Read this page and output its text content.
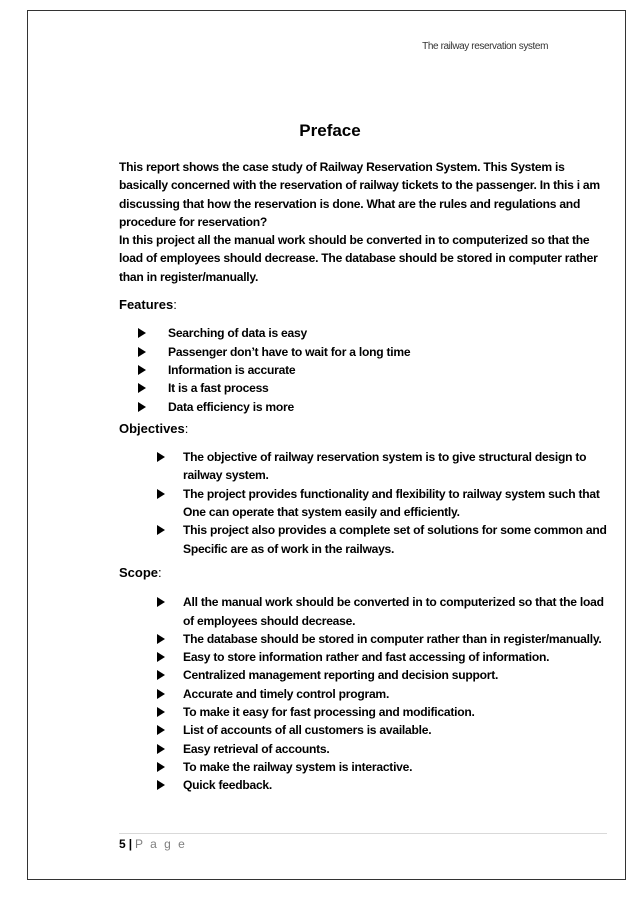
The railway reservation system
Preface

This report shows the case study of Railway Reservation System. This System is basically concerned with the reservation of railway tickets to the passenger. In this i am discussing that how the reservation is done. What are the rules and regulations and procedure for reservation?

In this project all the manual work should be converted in to computerized so that the load of employees should decrease. The database should be stored in computer rather than in register/manually.

Features:

Searching of data is easy
Passenger don’t have to wait for a long time
Information is accurate
It is a fast process
Data efficiency is more

Objectives:

The objective of railway reservation system is to give structural design to railway system.
The project provides functionality and flexibility to railway system such that One can operate that system easily and efficiently.
This project also provides a complete set of solutions for some common and Specific are as of work in the railways.

Scope:

All the manual work should be converted in to computerized so that the load of employees should decrease.
The database should be stored in computer rather than in register/manually.
Easy to store information rather and fast accessing of information.
Centralized management reporting and decision support.
Accurate and timely control program.
To make it easy for fast processing and modification.
List of accounts of all customers is available.
Easy retrieval of accounts.
To make the railway system is interactive.
Quick feedback.
5 | P a g e
